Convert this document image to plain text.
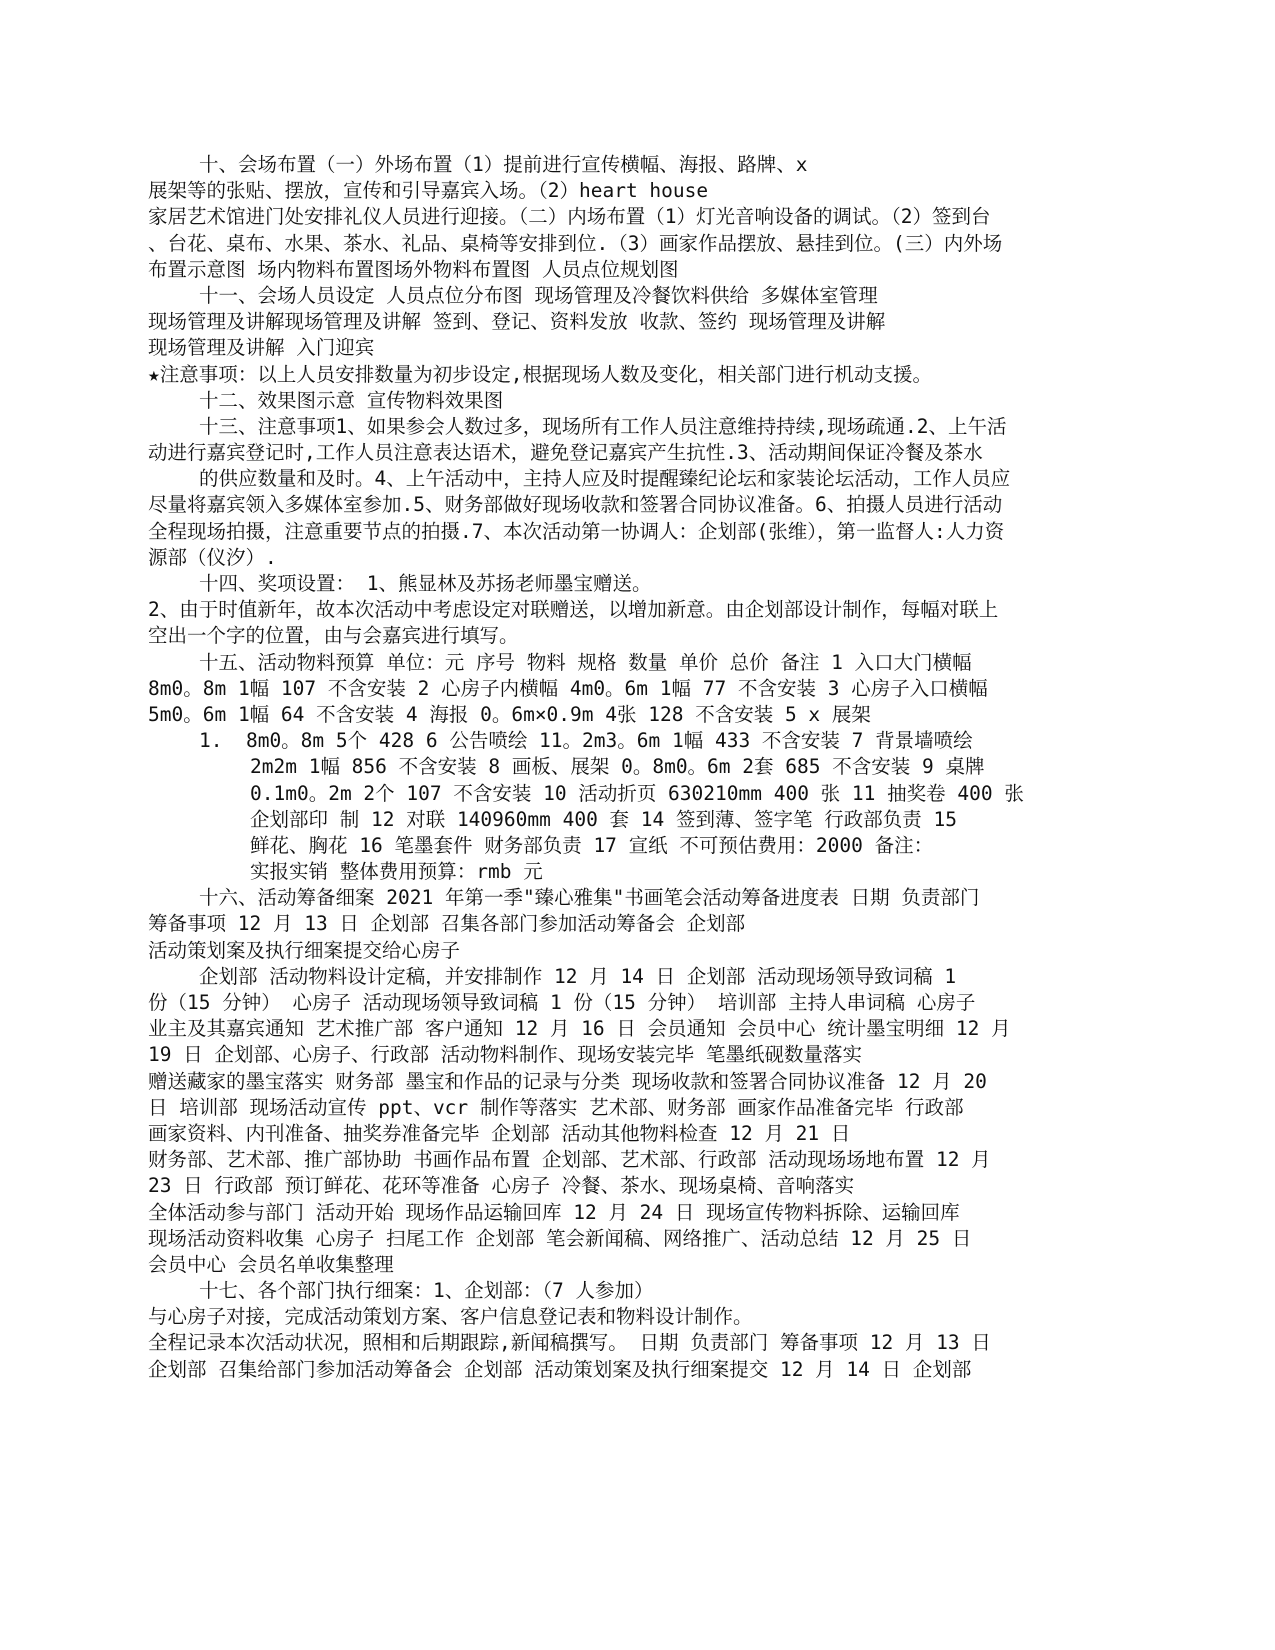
十、会场布置（一）外场布置（1）提前进行宣传横幅、海报、路牌、x
展架等的张贴、摆放，宣传和引导嘉宾入场。（2）heart house
家居艺术馆进门处安排礼仪人员进行迎接。（二）内场布置（1）灯光音响设备的调试。（2）签到台
、台花、桌布、水果、茶水、礼品、桌椅等安排到位.（3）画家作品摆放、悬挂到位。(三）内外场
布置示意图 场内物料布置图场外物料布置图 人员点位规划图
十一、会场人员设定 人员点位分布图 现场管理及冷餐饮料供给 多媒体室管理
现场管理及讲解现场管理及讲解 签到、登记、资料发放 收款、签约 现场管理及讲解
现场管理及讲解 入门迎宾
★注意事项：以上人员安排数量为初步设定,根据现场人数及变化，相关部门进行机动支援。
十二、效果图示意 宣传物料效果图
十三、注意事项1、如果参会人数过多，现场所有工作人员注意维持持续,现场疏通.2、上午活
动进行嘉宾登记时,工作人员注意表达语术，避免登记嘉宾产生抗性.3、活动期间保证冷餐及茶水
的供应数量和及时。4、上午活动中，主持人应及时提醒臻纪论坛和家装论坛活动，工作人员应
尽量将嘉宾领入多媒体室参加.5、财务部做好现场收款和签署合同协议准备。6、拍摄人员进行活动
全程现场拍摄，注意重要节点的拍摄.7、本次活动第一协调人：企划部(张维），第一监督人:人力资
源部（仪汐）.
十四、奖项设置： 1、熊显林及苏扬老师墨宝赠送。
2、由于时值新年，故本次活动中考虑设定对联赠送，以增加新意。由企划部设计制作，每幅对联上
空出一个字的位置，由与会嘉宾进行填写。
十五、活动物料预算 单位：元 序号 物料 规格 数量 单价 总价 备注 1 入口大门横幅
8m0。8m 1幅 107 不含安装 2 心房子内横幅 4m0。6m 1幅 77 不含安装 3 心房子入口横幅
5m0。6m 1幅 64 不含安装 4 海报 0。6m×0.9m 4张 128 不含安装 5 x 展架
1.  8m0。8m 5个 428 6 公告喷绘 11。2m3。6m 1幅 433 不含安装 7 背景墙喷绘
2m2m 1幅 856 不含安装 8 画板、展架 0。8m0。6m 2套 685 不含安装 9 桌牌
0.1m0。2m 2个 107 不含安装 10 活动折页 630210mm 400 张 11 抽奖卷 400 张
企划部印 制 12 对联 140960mm 400 套 14 签到薄、签字笔 行政部负责 15
鲜花、胸花 16 笔墨套件 财务部负责 17 宣纸 不可预估费用：2000 备注：
实报实销 整体费用预算：rmb 元
十六、活动筹备细案 2021 年第一季"臻心雅集"书画笔会活动筹备进度表 日期 负责部门
筹备事项 12 月 13 日 企划部 召集各部门参加活动筹备会 企划部
活动策划案及执行细案提交给心房子
企划部 活动物料设计定稿，并安排制作 12 月 14 日 企划部 活动现场领导致词稿 1
份（15 分钟） 心房子 活动现场领导致词稿 1 份（15 分钟） 培训部 主持人串词稿 心房子
业主及其嘉宾通知 艺术推广部 客户通知 12 月 16 日 会员通知 会员中心 统计墨宝明细 12 月
19 日 企划部、心房子、行政部 活动物料制作、现场安装完毕 笔墨纸砚数量落实
赠送藏家的墨宝落实 财务部 墨宝和作品的记录与分类 现场收款和签署合同协议准备 12 月 20
日 培训部 现场活动宣传 ppt、vcr 制作等落实 艺术部、财务部 画家作品准备完毕 行政部
画家资料、内刊准备、抽奖券准备完毕 企划部 活动其他物料检查 12 月 21 日
财务部、艺术部、推广部协助 书画作品布置 企划部、艺术部、行政部 活动现场场地布置 12 月
23 日 行政部 预订鲜花、花环等准备 心房子 冷餐、茶水、现场桌椅、音响落实
全体活动参与部门 活动开始 现场作品运输回库 12 月 24 日 现场宣传物料拆除、运输回库
现场活动资料收集 心房子 扫尾工作 企划部 笔会新闻稿、网络推广、活动总结 12 月 25 日
会员中心 会员名单收集整理
十七、各个部门执行细案：1、企划部：（7 人参加）
与心房子对接，完成活动策划方案、客户信息登记表和物料设计制作。
全程记录本次活动状况，照相和后期跟踪,新闻稿撰写。 日期 负责部门 筹备事项 12 月 13 日
企划部 召集给部门参加活动筹备会 企划部 活动策划案及执行细案提交 12 月 14 日 企划部
